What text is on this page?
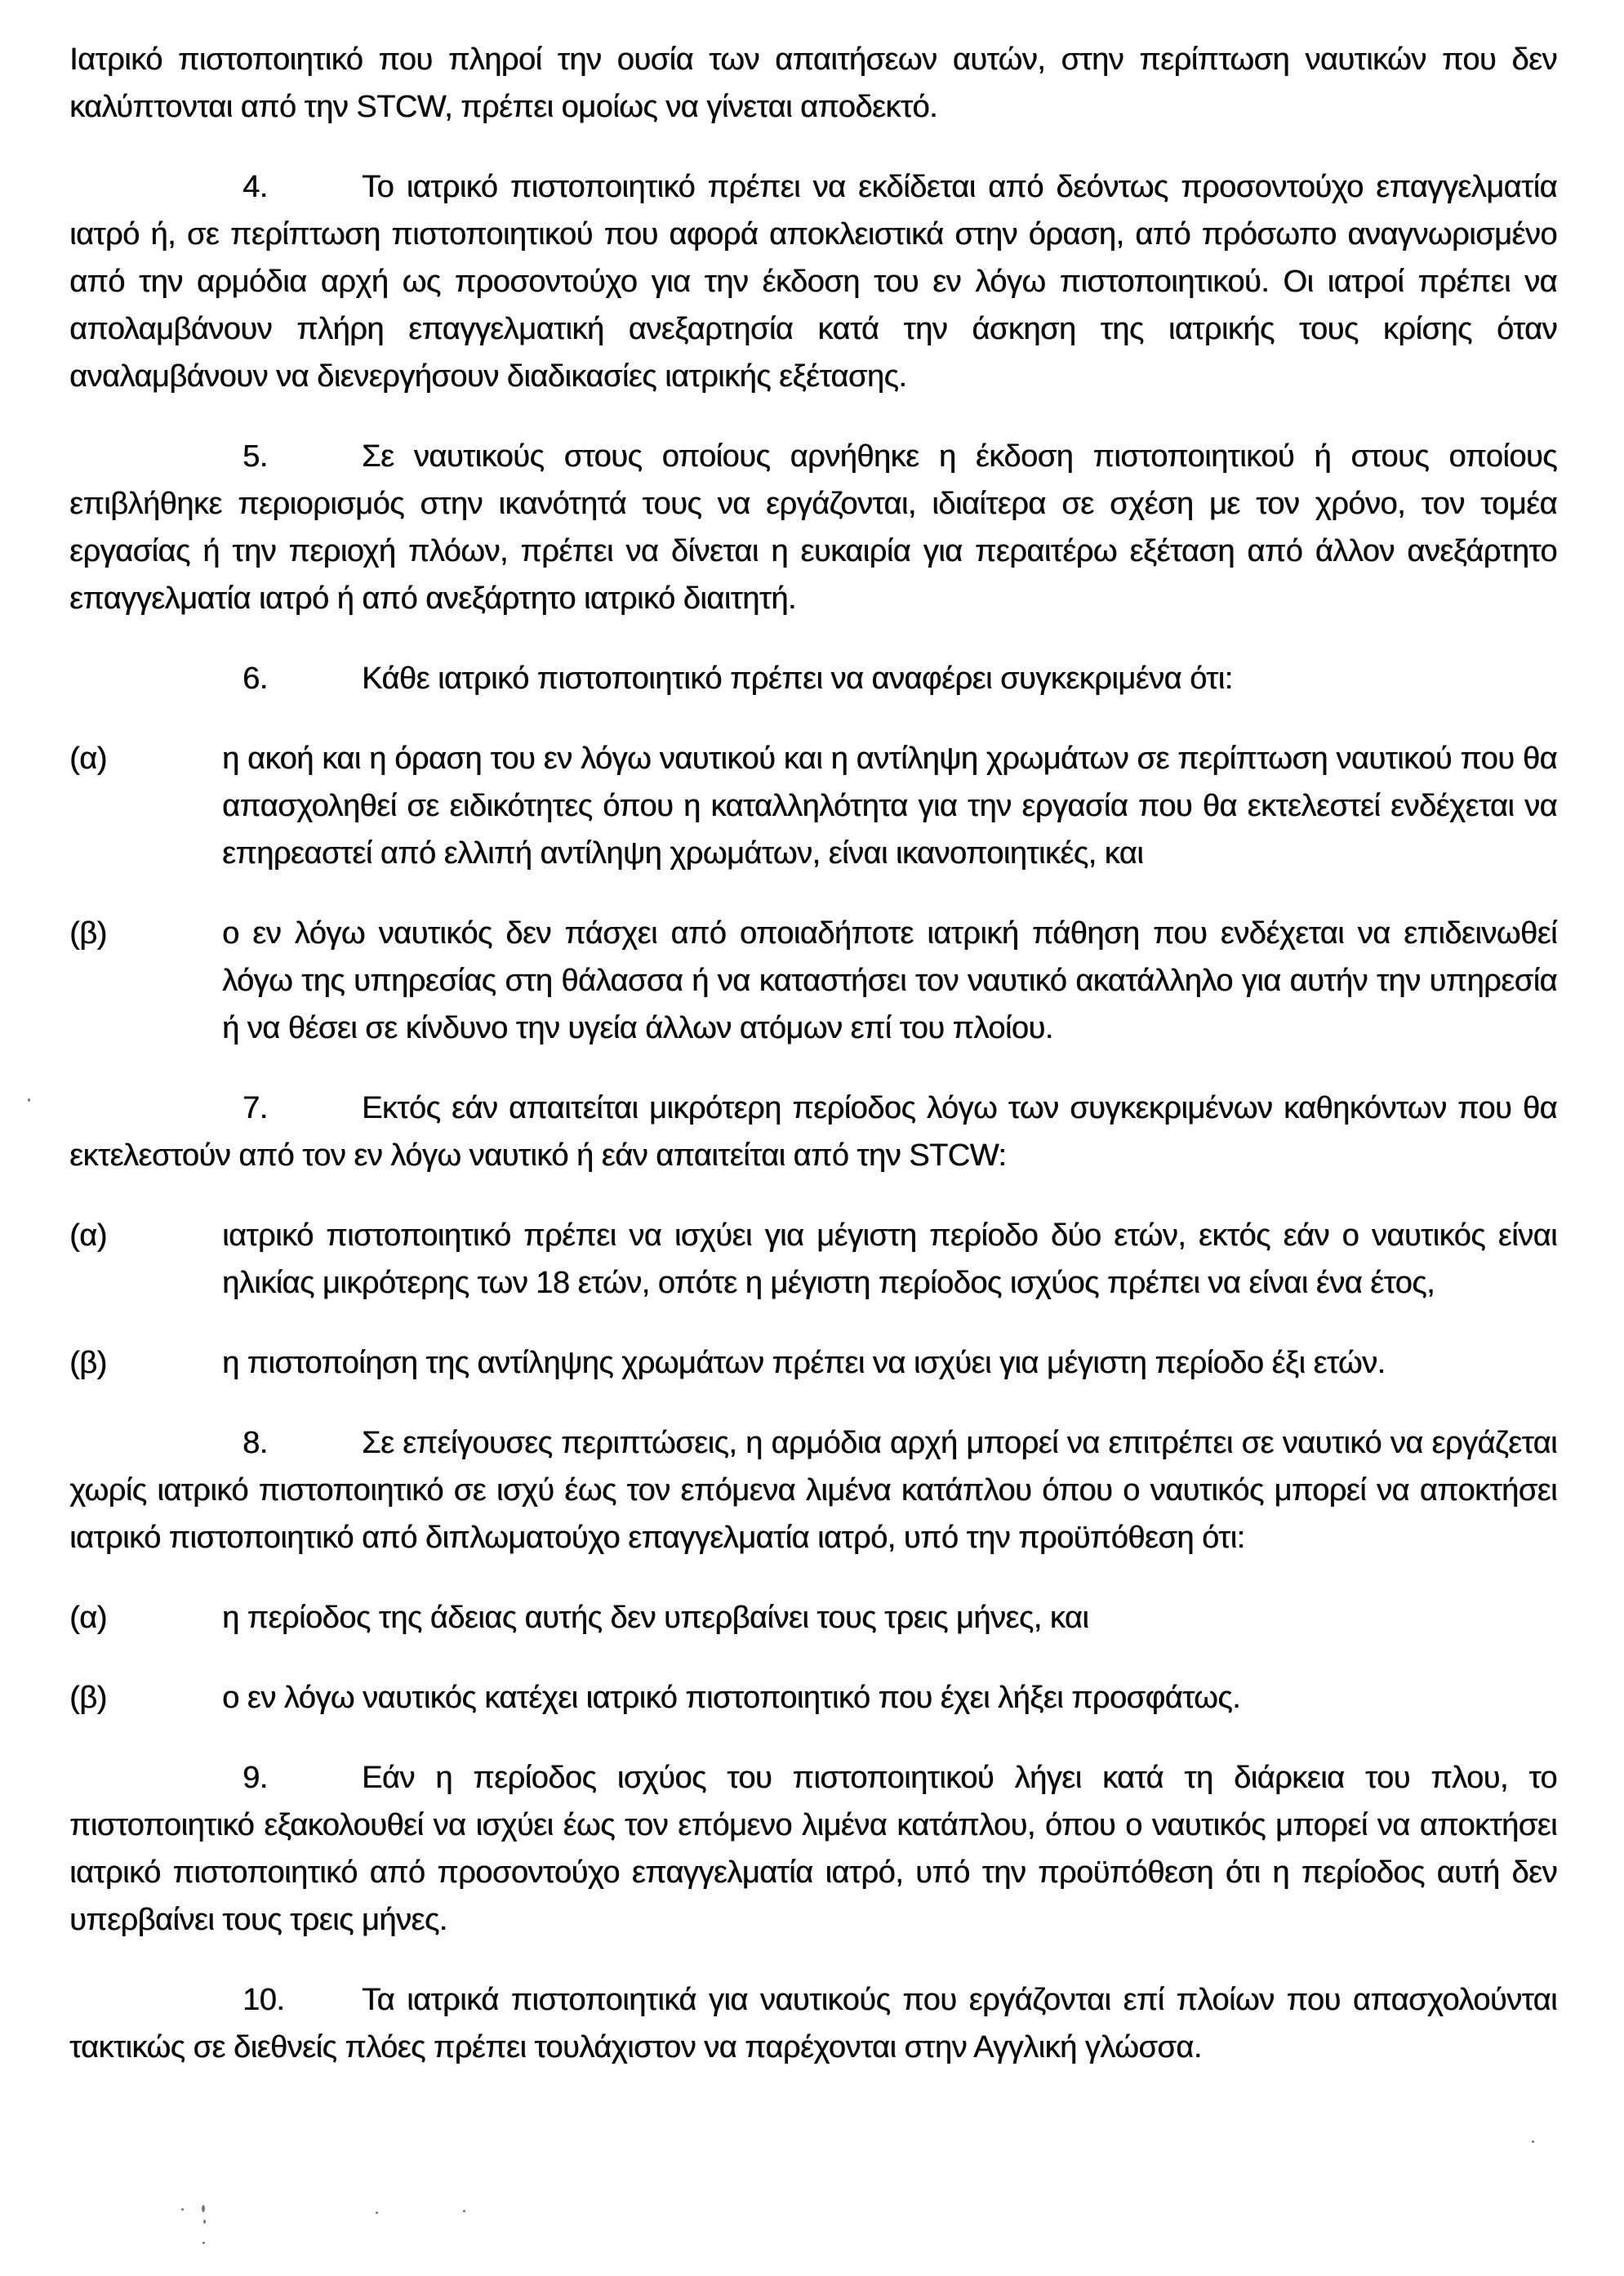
Ιατρικό πιστοποιητικό που πληροί την ουσία των απαιτήσεων αυτών, στην περίπτωση ναυτικών που δεν καλύπτονται από την STCW, πρέπει ομοίως να γίνεται αποδεκτό.

4.	Το ιατρικό πιστοποιητικό πρέπει να εκδίδεται από δεόντως προσοντούχο επαγγελματία ιατρό ή, σε περίπτωση πιστοποιητικού που αφορά αποκλειστικά στην όραση, από πρόσωπο αναγνωρισμένο από την αρμόδια αρχή ως προσοντούχο για την έκδοση του εν λόγω πιστοποιητικού. Οι ιατροί πρέπει να απολαμβάνουν πλήρη επαγγελματική ανεξαρτησία κατά την άσκηση της ιατρικής τους κρίσης όταν αναλαμβάνουν να διενεργήσουν διαδικασίες ιατρικής εξέτασης.

5.	Σε ναυτικούς στους οποίους αρνήθηκε η έκδοση πιστοποιητικού ή στους οποίους επιβλήθηκε περιορισμός στην ικανότητά τους να εργάζονται, ιδιαίτερα σε σχέση με τον χρόνο, τον τομέα εργασίας ή την περιοχή πλόων, πρέπει να δίνεται η ευκαιρία για περαιτέρω εξέταση από άλλον ανεξάρτητο επαγγελματία ιατρό ή από ανεξάρτητο ιατρικό διαιτητή.

6.	Κάθε ιατρικό πιστοποιητικό πρέπει να αναφέρει συγκεκριμένα ότι:

(α)	η ακοή και η όραση του εν λόγω ναυτικού και η αντίληψη χρωμάτων σε περίπτωση ναυτικού που θα απασχοληθεί σε ειδικότητες όπου η καταλληλότητα για την εργασία που θα εκτελεστεί ενδέχεται να επηρεαστεί από ελλιπή αντίληψη χρωμάτων, είναι ικανοποιητικές, και
(β)	ο εν λόγω ναυτικός δεν πάσχει από οποιαδήποτε ιατρική πάθηση που ενδέχεται να επιδεινωθεί λόγω της υπηρεσίας στη θάλασσα ή να καταστήσει τον ναυτικό ακατάλληλο για αυτήν την υπηρεσία ή να θέσει σε κίνδυνο την υγεία άλλων ατόμων επί του πλοίου.

7.	Εκτός εάν απαιτείται μικρότερη περίοδος λόγω των συγκεκριμένων καθηκόντων που θα εκτελεστούν από τον εν λόγω ναυτικό ή εάν απαιτείται από την STCW:

(α)	ιατρικό πιστοποιητικό πρέπει να ισχύει για μέγιστη περίοδο δύο ετών, εκτός εάν ο ναυτικός είναι ηλικίας μικρότερης των 18 ετών, οπότε η μέγιστη περίοδος ισχύος πρέπει να είναι ένα έτος,
(β)	η πιστοποίηση της αντίληψης χρωμάτων πρέπει να ισχύει για μέγιστη περίοδο έξι ετών.

8.	Σε επείγουσες περιπτώσεις, η αρμόδια αρχή μπορεί να επιτρέπει σε ναυτικό να εργάζεται χωρίς ιατρικό πιστοποιητικό σε ισχύ έως τον επόμενα λιμένα κατάπλου όπου ο ναυτικός μπορεί να αποκτήσει ιατρικό πιστοποιητικό από διπλωματούχο επαγγελματία ιατρό, υπό την προϋπόθεση ότι:

(α)	η περίοδος της άδειας αυτής δεν υπερβαίνει τους τρεις μήνες, και
(β)	ο εν λόγω ναυτικός κατέχει ιατρικό πιστοποιητικό που έχει λήξει προσφάτως.

9.	Εάν η περίοδος ισχύος του πιστοποιητικού λήγει κατά τη διάρκεια του πλου, το πιστοποιητικό εξακολουθεί να ισχύει έως τον επόμενο λιμένα κατάπλου, όπου ο ναυτικός μπορεί να αποκτήσει ιατρικό πιστοποιητικό από προσοντούχο επαγγελματία ιατρό, υπό την προϋπόθεση ότι η περίοδος αυτή δεν υπερβαίνει τους τρεις μήνες.

10. Τα ιατρικά πιστοποιητικά για ναυτικούς που εργάζονται επί πλοίων που απασχολούνται τακτικώς σε διεθνείς πλόες πρέπει τουλάχιστον να παρέχονται στην Αγγλική γλώσσα.
